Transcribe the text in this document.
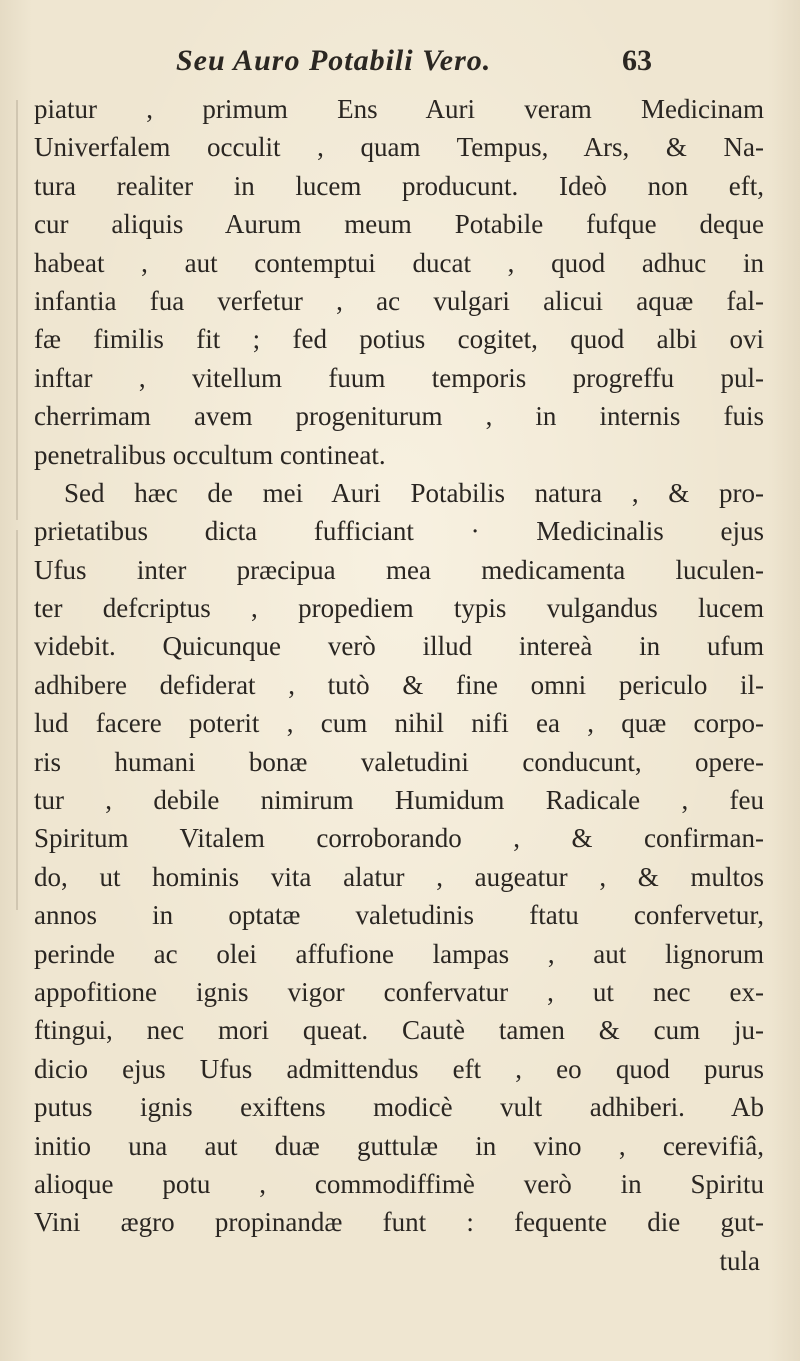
Seu Auro Potabili Vero.	63
piatur , primum Ens Auri veram Medicinam
Univerfalem occulit , quam Tempus, Ars, & Na-
tura realiter in lucem producunt. Ideò non eft,
cur aliquis Aurum meum Potabile fufque deque
habeat , aut contemptui ducat , quod adhuc in
infantia fua verfetur , ac vulgari alicui aquæ fal-
fæ fimilis fit ; fed potius cogitet, quod albi ovi
inftar , vitellum fuum temporis progreffu pul-
cherrimam avem progeniturum , in internis fuis
penetralibus occultum contineat.
Sed hæc de mei Auri Potabilis natura , & pro-
prietatibus dicta fufficiant · Medicinalis ejus
Ufus inter præcipua mea medicamenta luculen-
ter defcriptus , propediem typis vulgandus lucem
videbit. Quicunque verò illud intereà in ufum
adhibere defiderat , tutò & fine omni periculo il-
lud facere poterit , cum nihil nifi ea , quæ corpo-
ris humani bonæ valetudini conducunt, opere-
tur , debile nimirum Humidum Radicale , feu
Spiritum Vitalem corroborando , & confirman-
do, ut hominis vita alatur , augeatur , & multos
annos in optatæ valetudinis ftatu confervetur,
perinde ac olei affufione lampas , aut lignorum
appofitione ignis vigor confervatur , ut nec ex-
ftingui, nec mori queat. Cautè tamen & cum ju-
dicio ejus Ufus admittendus eft , eo quod purus
putus ignis exiftens modicè vult adhiberi. Ab
initio una aut duæ guttulæ in vino , cerevifiâ,
alioque potu , commodiffimè verò in Spiritu
Vini ægro propinandæ funt : fequente die gut-
tula
